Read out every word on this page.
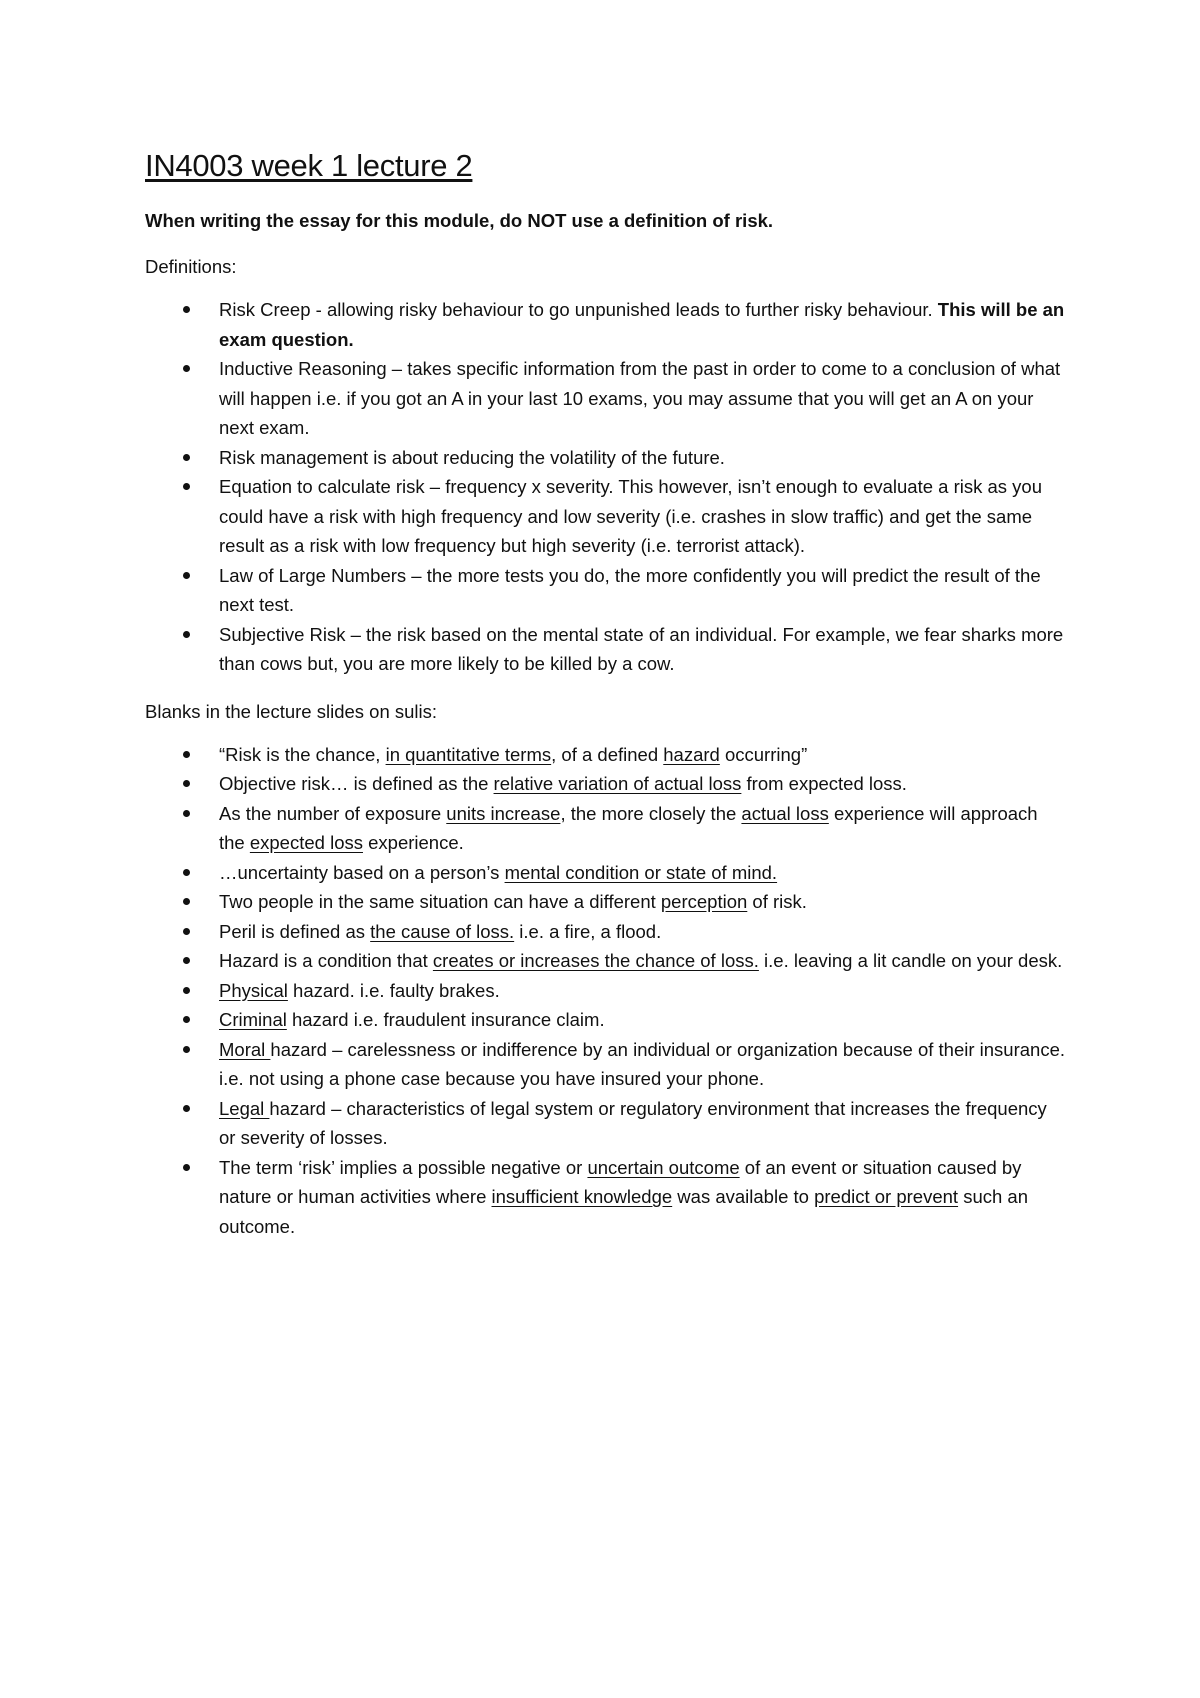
IN4003 week 1 lecture 2

When writing the essay for this module, do NOT use a definition of risk.

Definitions:

Risk Creep - allowing risky behaviour to go unpunished leads to further risky behaviour. This will be an exam question.
Inductive Reasoning – takes specific information from the past in order to come to a conclusion of what will happen i.e. if you got an A in your last 10 exams, you may assume that you will get an A on your next exam.
Risk management is about reducing the volatility of the future.
Equation to calculate risk – frequency x severity. This however, isn’t enough to evaluate a risk as you could have a risk with high frequency and low severity (i.e. crashes in slow traffic) and get the same result as a risk with low frequency but high severity (i.e. terrorist attack).
Law of Large Numbers – the more tests you do, the more confidently you will predict the result of the next test.
Subjective Risk – the risk based on the mental state of an individual. For example, we fear sharks more than cows but, you are more likely to be killed by a cow.

Blanks in the lecture slides on sulis:

“Risk is the chance, in quantitative terms, of a defined hazard occurring”
Objective risk… is defined as the relative variation of actual loss from expected loss.
As the number of exposure units increase, the more closely the actual loss experience will approach the expected loss experience.
…uncertainty based on a person’s mental condition or state of mind.
Two people in the same situation can have a different perception of risk.
Peril is defined as the cause of loss. i.e. a fire, a flood.
Hazard is a condition that creates or increases the chance of loss. i.e. leaving a lit candle on your desk.
Physical hazard. i.e. faulty brakes.
Criminal hazard i.e. fraudulent insurance claim.
Moral hazard – carelessness or indifference by an individual or organization because of their insurance. i.e. not using a phone case because you have insured your phone.
Legal hazard – characteristics of legal system or regulatory environment that increases the frequency or severity of losses.
The term ‘risk’ implies a possible negative or uncertain outcome of an event or situation caused by nature or human activities where insufficient knowledge was available to predict or prevent such an outcome.
